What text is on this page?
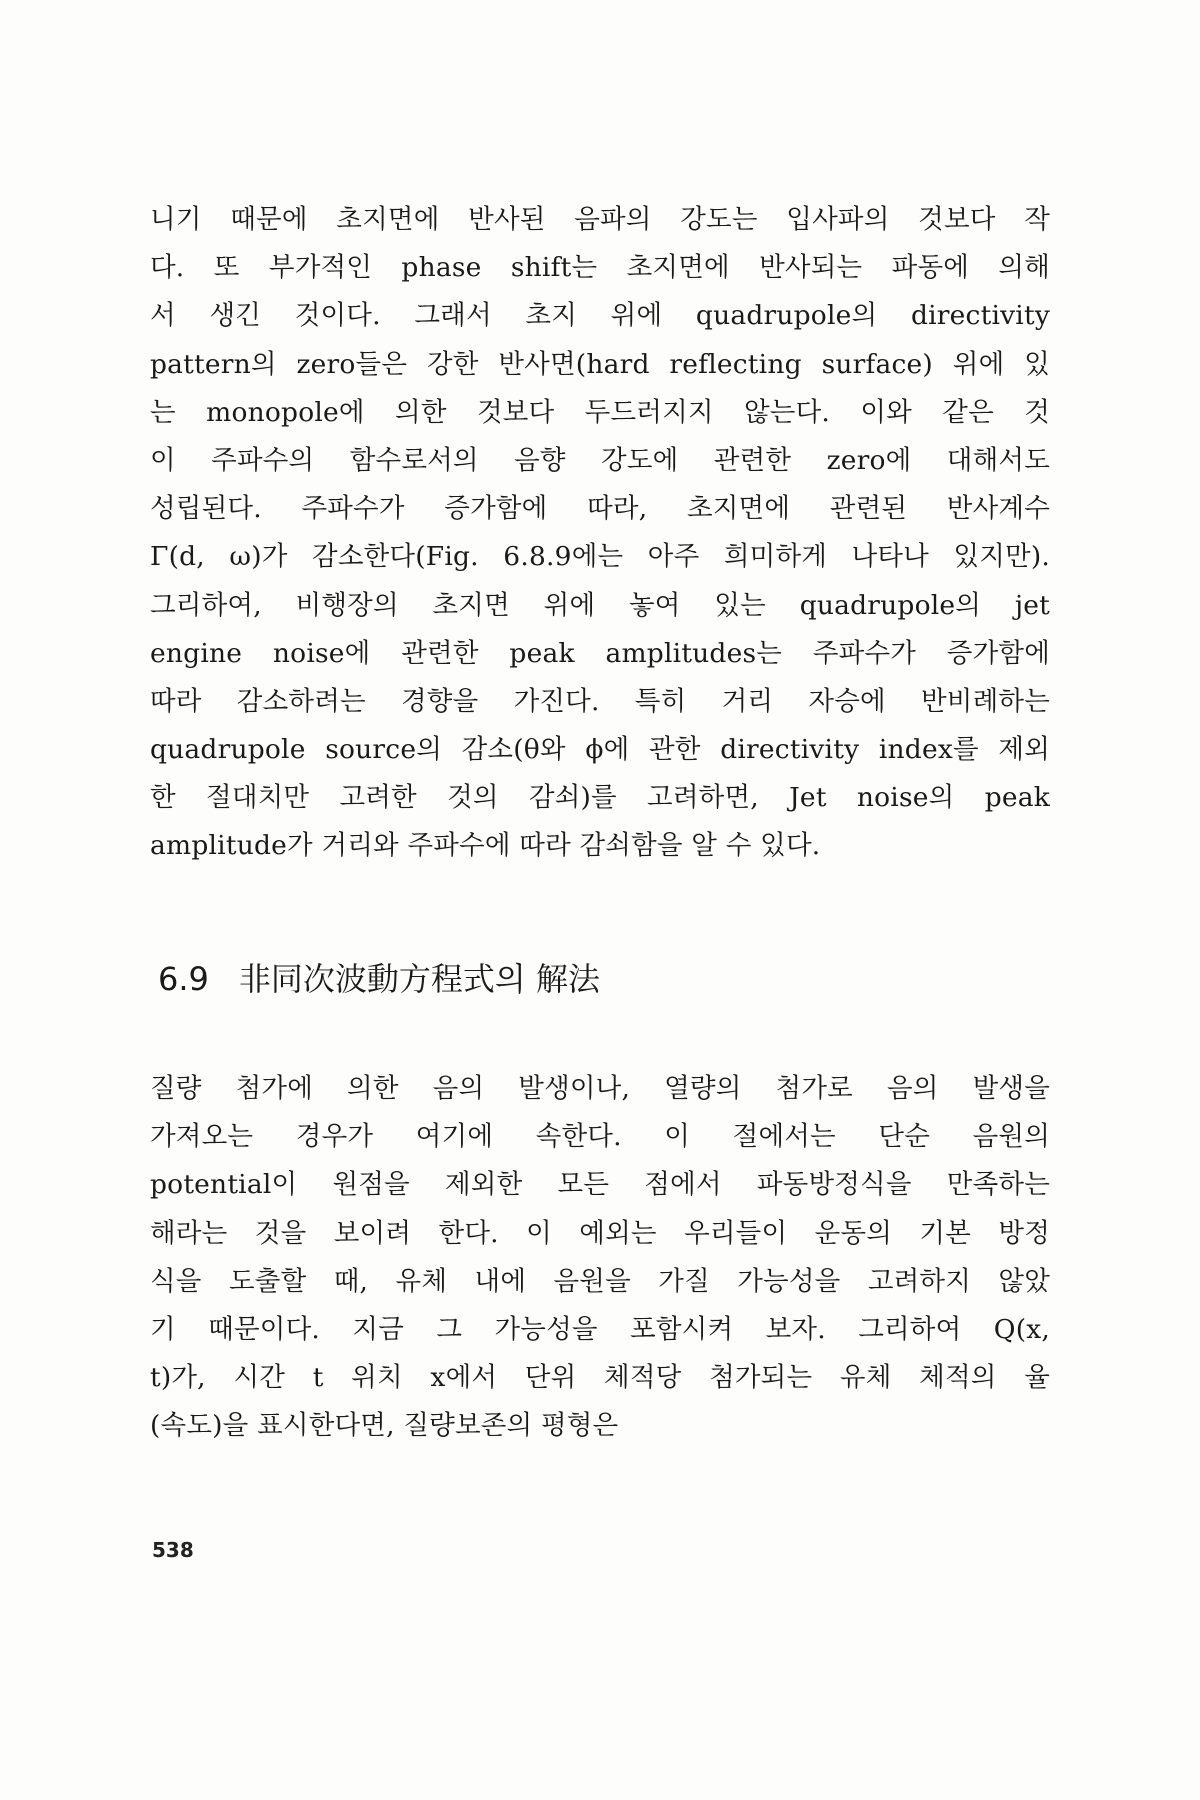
니기 때문에 초지면에 반사된 음파의 강도는 입사파의 것보다 작
다. 또 부가적인 phase shift는 초지면에 반사되는 파동에 의해
서 생긴 것이다. 그래서 초지 위에 quadrupole의 directivity
pattern의 zero들은 강한 반사면(hard reflecting surface) 위에 있
는 monopole에 의한 것보다 두드러지지 않는다. 이와 같은 것
이 주파수의 함수로서의 음향 강도에 관련한 zero에 대해서도
성립된다. 주파수가 증가함에 따라, 초지면에 관련된 반사계수
Γ(d, ω)가 감소한다(Fig. 6.8.9에는 아주 희미하게 나타나 있지만).
그리하여, 비행장의 초지면 위에 놓여 있는 quadrupole의 jet
engine noise에 관련한 peak amplitudes는 주파수가 증가함에
따라 감소하려는 경향을 가진다. 특히 거리 자승에 반비례하는
quadrupole source의 감소(θ와 ϕ에 관한 directivity index를 제외
한 절대치만 고려한 것의 감쇠)를 고려하면, Jet noise의 peak
amplitude가 거리와 주파수에 따라 감쇠함을 알 수 있다.
6.9 非同次波動方程式의 解法
질량 첨가에 의한 음의 발생이나, 열량의 첨가로 음의 발생을
가져오는 경우가 여기에 속한다. 이 절에서는 단순 음원의
potential이 원점을 제외한 모든 점에서 파동방정식을 만족하는
해라는 것을 보이려 한다. 이 예외는 우리들이 운동의 기본 방정
식을 도출할 때, 유체 내에 음원을 가질 가능성을 고려하지 않았
기 때문이다. 지금 그 가능성을 포함시켜 보자. 그리하여 Q(x,
t)가, 시간 t 위치 x에서 단위 체적당 첨가되는 유체 체적의 율
(속도)을 표시한다면, 질량보존의 평형은
538
